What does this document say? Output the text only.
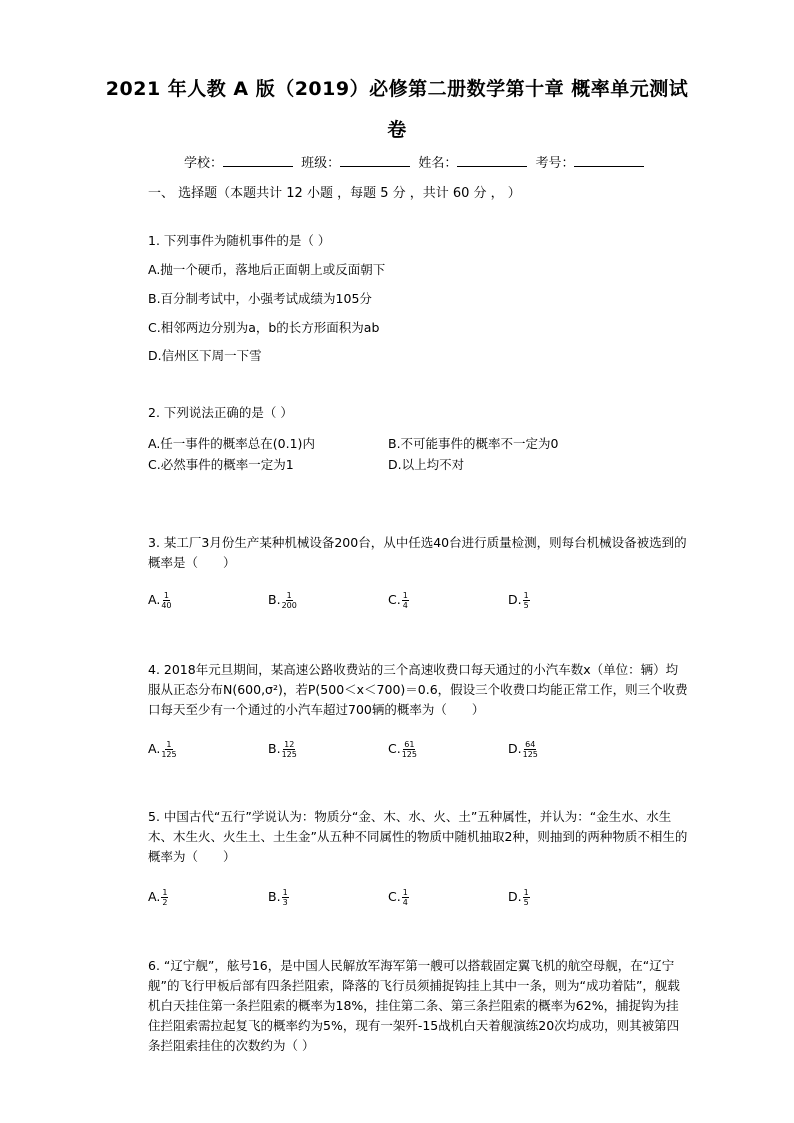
2021 年人教 A 版（2019）必修第二册数学第十章 概率单元测试
卷
学校：	班级：	姓名：	考号：
一、 选择题（本题共计 12 小题 ，每题 5 分 ，共计 60 分 ， ）
1. 下列事件为随机事件的是（ ）
A.抛一个硬币，落地后正面朝上或反面朝下
B.百分制考试中，小强考试成绩为105分
C.相邻两边分别为a，b的长方形面积为ab
D.信州区下周一下雪
2. 下列说法正确的是（ ）
A.任一事件的概率总在(0.1)内	B.不可能事件的概率不一定为0
C.必然事件的概率一定为1	D.以上均不对
3. 某工厂3月份生产某种机械设备200台，从中任选40台进行质量检测，则每台机械设备被选到的概率是（　　）
A. $\frac{1}{40}$	B. $\frac{1}{200}$	C. $\frac{1}{4}$	D. $\frac{1}{5}$
4. 2018年元旦期间，某高速公路收费站的三个高速收费口每天通过的小汽车数x（单位：辆）均服从正态分布N(600,σ²)，若P(500＜x＜700)＝0.6，假设三个收费口均能正常工作，则三个收费口每天至少有一个通过的小汽车超过700辆的概率为（　　）
A. $\frac{1}{125}$	B. $\frac{12}{125}$	C. $\frac{61}{125}$	D. $\frac{64}{125}$
5. 中国古代“五行”学说认为：物质分“金、木、水、火、土”五种属性，并认为：“金生水、水生木、木生火、火生土、土生金”从五种不同属性的物质中随机抽取2种，则抽到的两种物质不相生的概率为（　　）
A. $\frac{1}{2}$	B. $\frac{1}{3}$	C. $\frac{1}{4}$	D. $\frac{1}{5}$
6. “辽宁舰”，舷号16，是中国人民解放军海军第一艘可以搭载固定翼飞机的航空母舰，在“辽宁舰”的飞行甲板后部有四条拦阻索，降落的飞行员须捕捉钩挂上其中一条，则为“成功着陆”，舰载机白天挂住第一条拦阻索的概率为18%，挂住第二条、第三条拦阻索的概率为62%，捕捉钩为挂住拦阻索需拉起复飞的概率约为5%，现有一架歼-15战机白天着舰演练20次均成功，则其被第四条拦阻索挂住的次数约为（ ）
